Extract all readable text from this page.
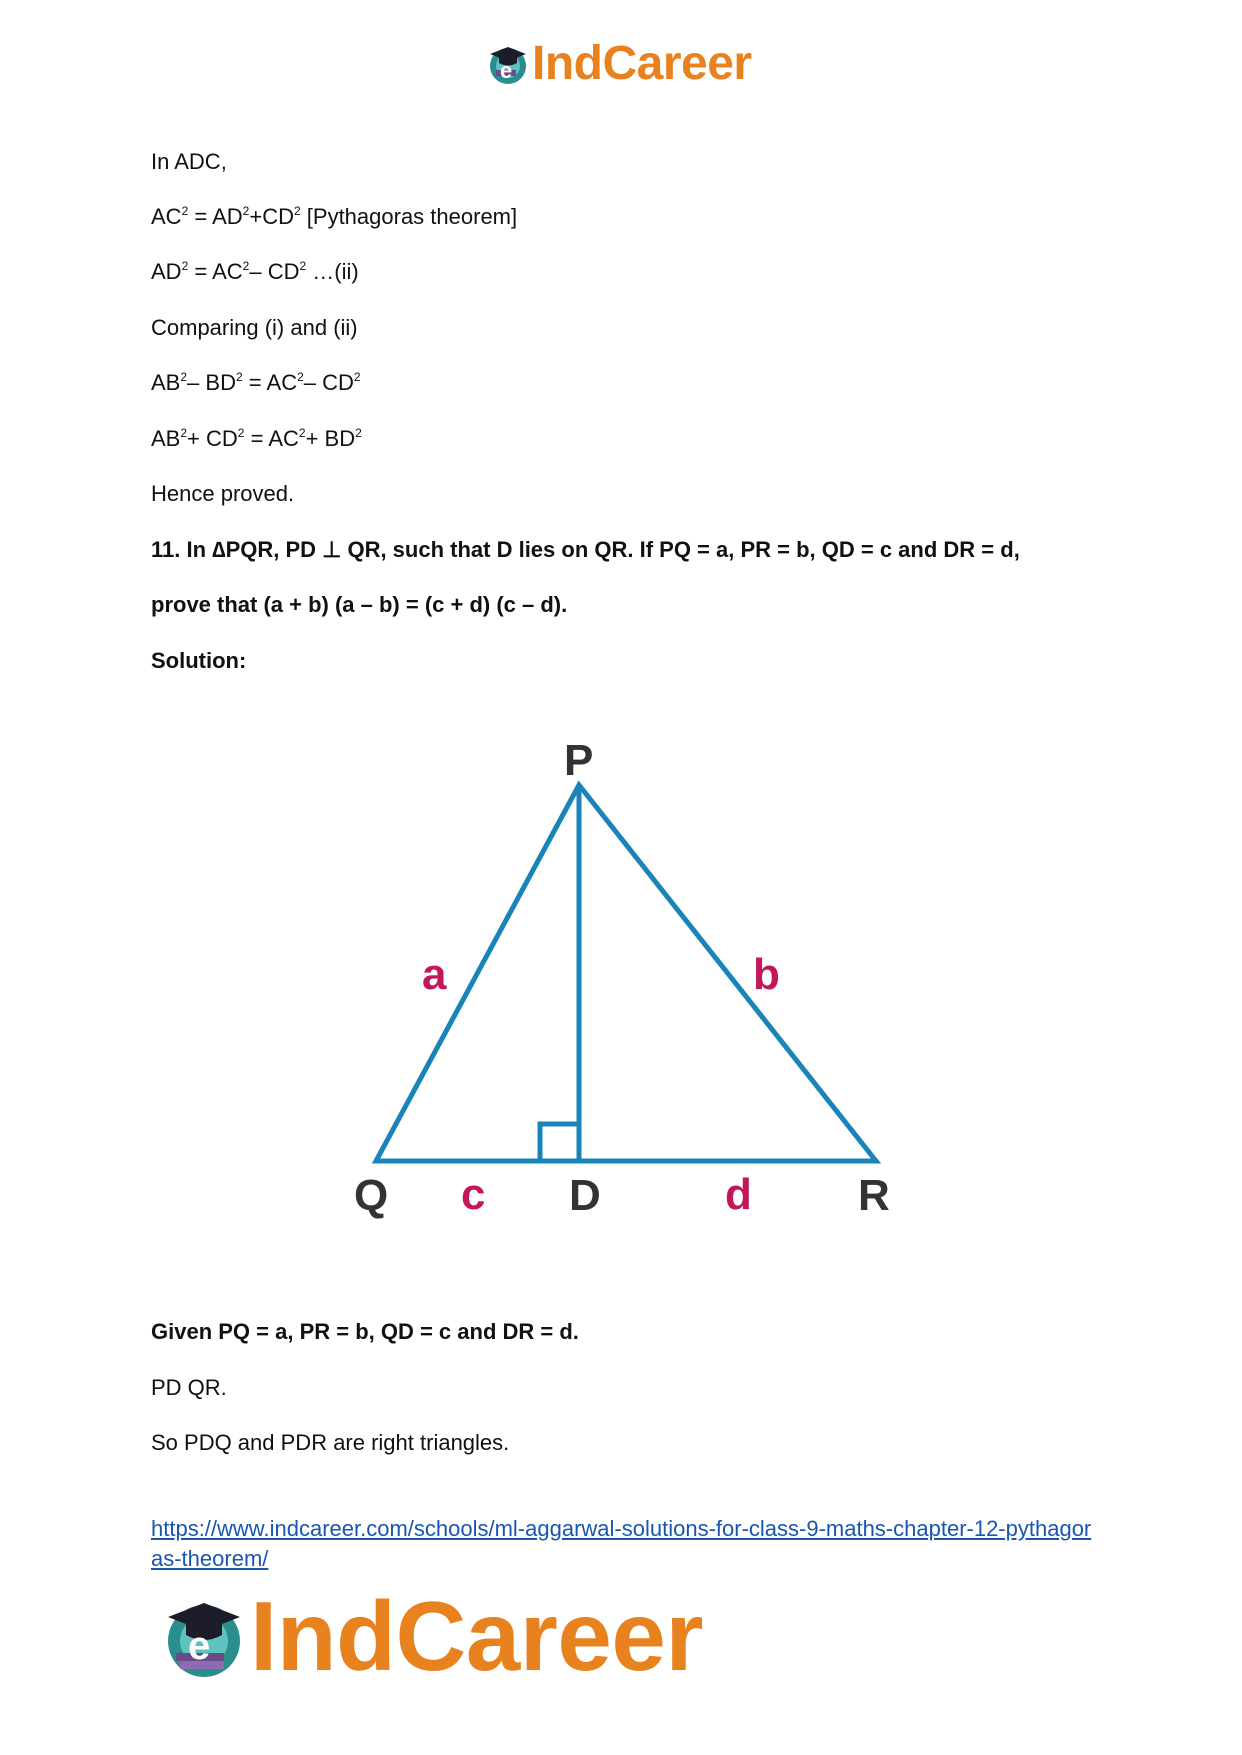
e IndCareer
In ADC,
$AC^2 = AD^2+CD^2$ [Pythagoras theorem]
$AD^2 = AC^2-$ $CD^2$ …(ii)
Comparing (i) and (ii)
$AB^2-$ $BD^2 = AC^2-$ $CD^2$
$AB^2+ CD^2 = AC^2+ BD^2$
Hence proved.
11. In ∆PQR, PD ⊥ QR, such that D lies on QR. If PQ = a, PR = b, QD = c and DR = d,
prove that (a + b) (a – b) = (c + d) (c – d).
Solution:
P
Q	D	R
a	b
c	d
Given PQ = a, PR = b, QD = c and DR = d.
PD QR.
So PDQ and PDR are right triangles.
https://www.indcareer.com/schools/ml-aggarwal-solutions-for-class-9-maths-chapter-12-pythagoras-theorem/
e IndCareer
